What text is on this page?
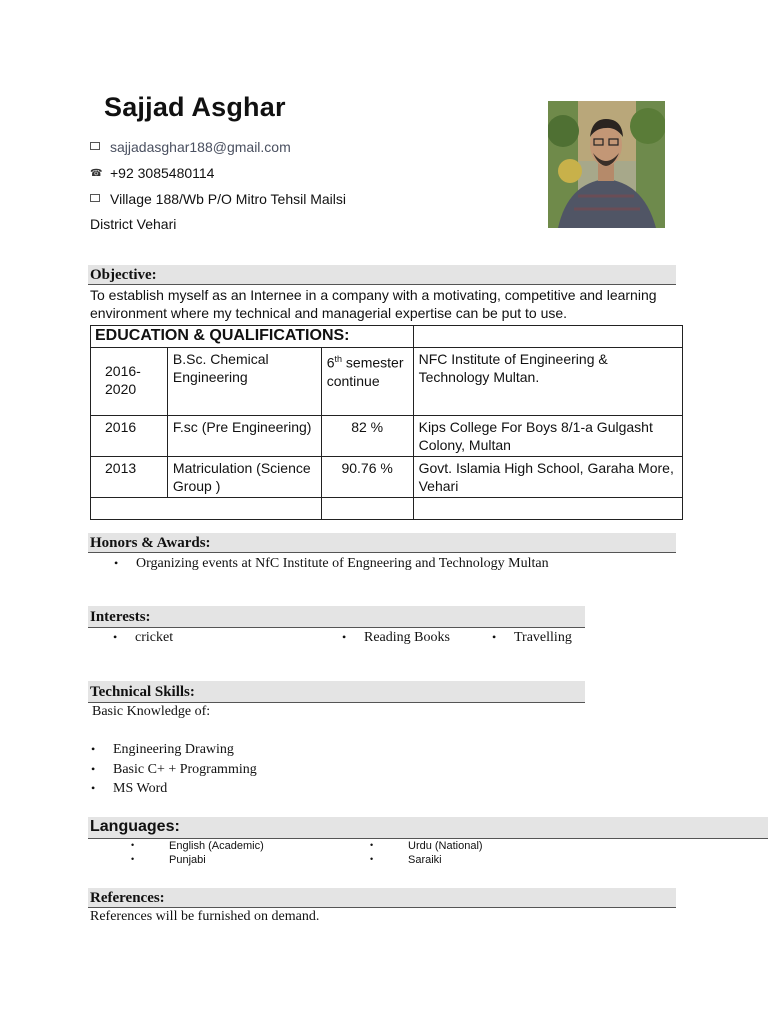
Sajjad Asghar
sajjadasghar188@gmail.com
☎ +92 3085480114
Village 188/Wb P/O Mitro Tehsil Mailsi
District Vehari
Objective:
To establish myself as an Internee in a company with a motivating, competitive and learning environment where my technical and managerial expertise can be put to use.
EDUCATION & QUALIFICATIONS:			
2016-
2020	B.Sc. Chemical Engineering	6th semester continue	NFC Institute of Engineering & Technology Multan.
2016	F.sc (Pre Engineering)	82 %	Kips College For Boys 8/1-a Gulgasht Colony, Multan
2013	Matriculation (Science Group )	90.76 %	Govt. Islamia High School, Garaha More, Vehari

Honors & Awards:
• Organizing events at NfC Institute of Engneering and Technology Multan
Interests:
• cricket	• Reading Books	• Travelling
Technical Skills:
Basic Knowledge of:
• Engineering Drawing
• Basic C+ + Programming
• MS Word
Languages:
• English (Academic)	• Urdu (National)
• Punjabi	• Saraiki
References:
References will be furnished on demand.
